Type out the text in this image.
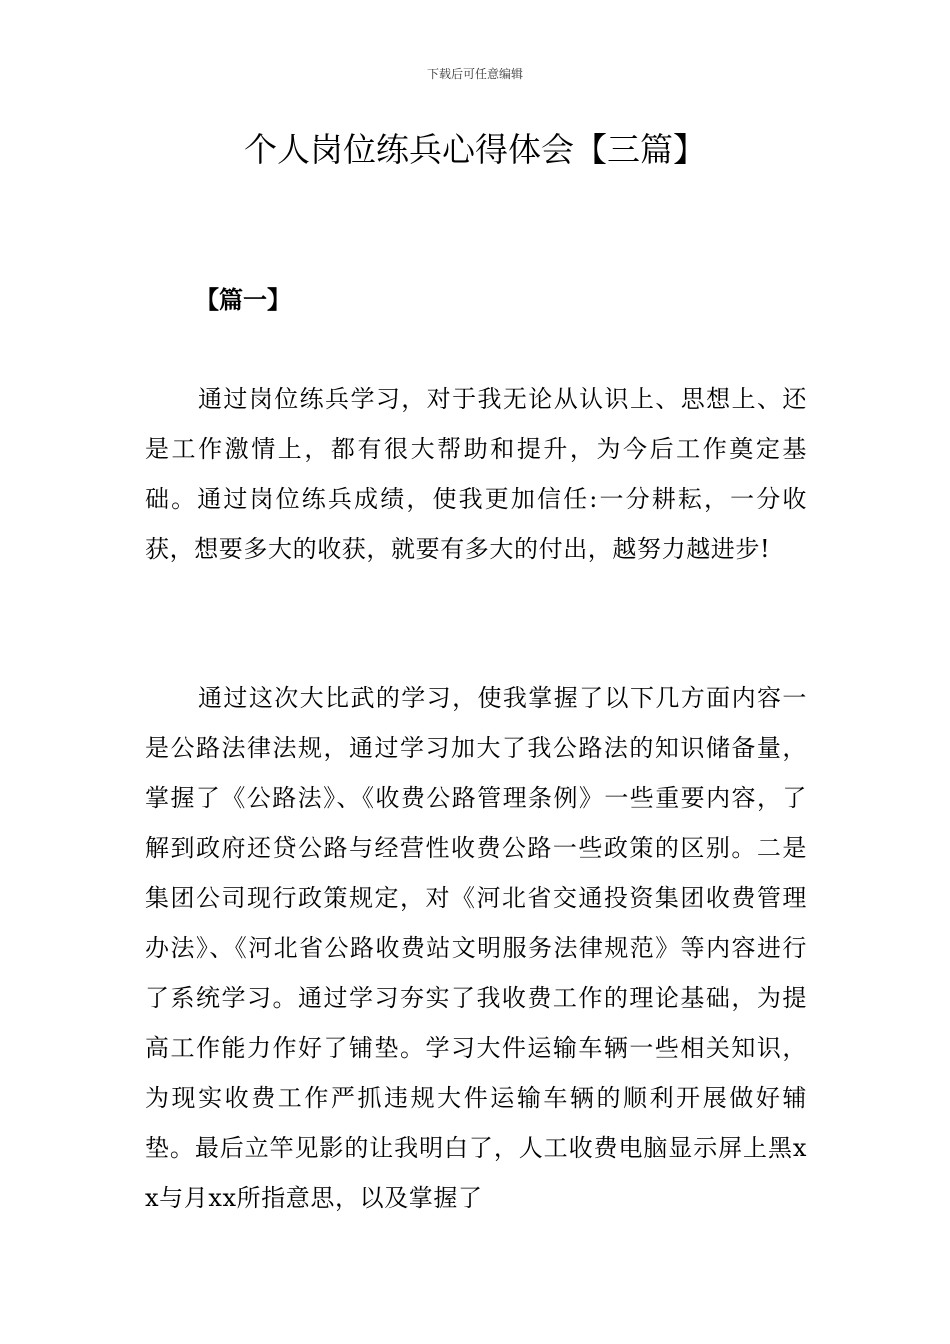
下载后可任意编辑
个人岗位练兵心得体会【三篇】
【篇一】

通过岗位练兵学习，对于我无论从认识上、思想上、还是工作激情上，都有很大帮助和提升，为今后工作奠定基础。通过岗位练兵成绩，使我更加信任:一分耕耘，一分收获，想要多大的收获，就要有多大的付出，越努力越进步!

通过这次大比武的学习，使我掌握了以下几方面内容一是公路法律法规，通过学习加大了我公路法的知识储备量，掌握了《公路法》、《收费公路管理条例》一些重要内容，了解到政府还贷公路与经营性收费公路一些政策的区别。二是集团公司现行政策规定，对《河北省交通投资集团收费管理办法》、《河北省公路收费站文明服务法律规范》等内容进行了系统学习。通过学习夯实了我收费工作的理论基础，为提高工作能力作好了铺垫。学习大件运输车辆一些相关知识，为现实收费工作严抓违规大件运输车辆的顺利开展做好辅垫。最后立竿见影的让我明白了，人工收费电脑显示屏上黑xx与月xx所指意思，以及掌握了
